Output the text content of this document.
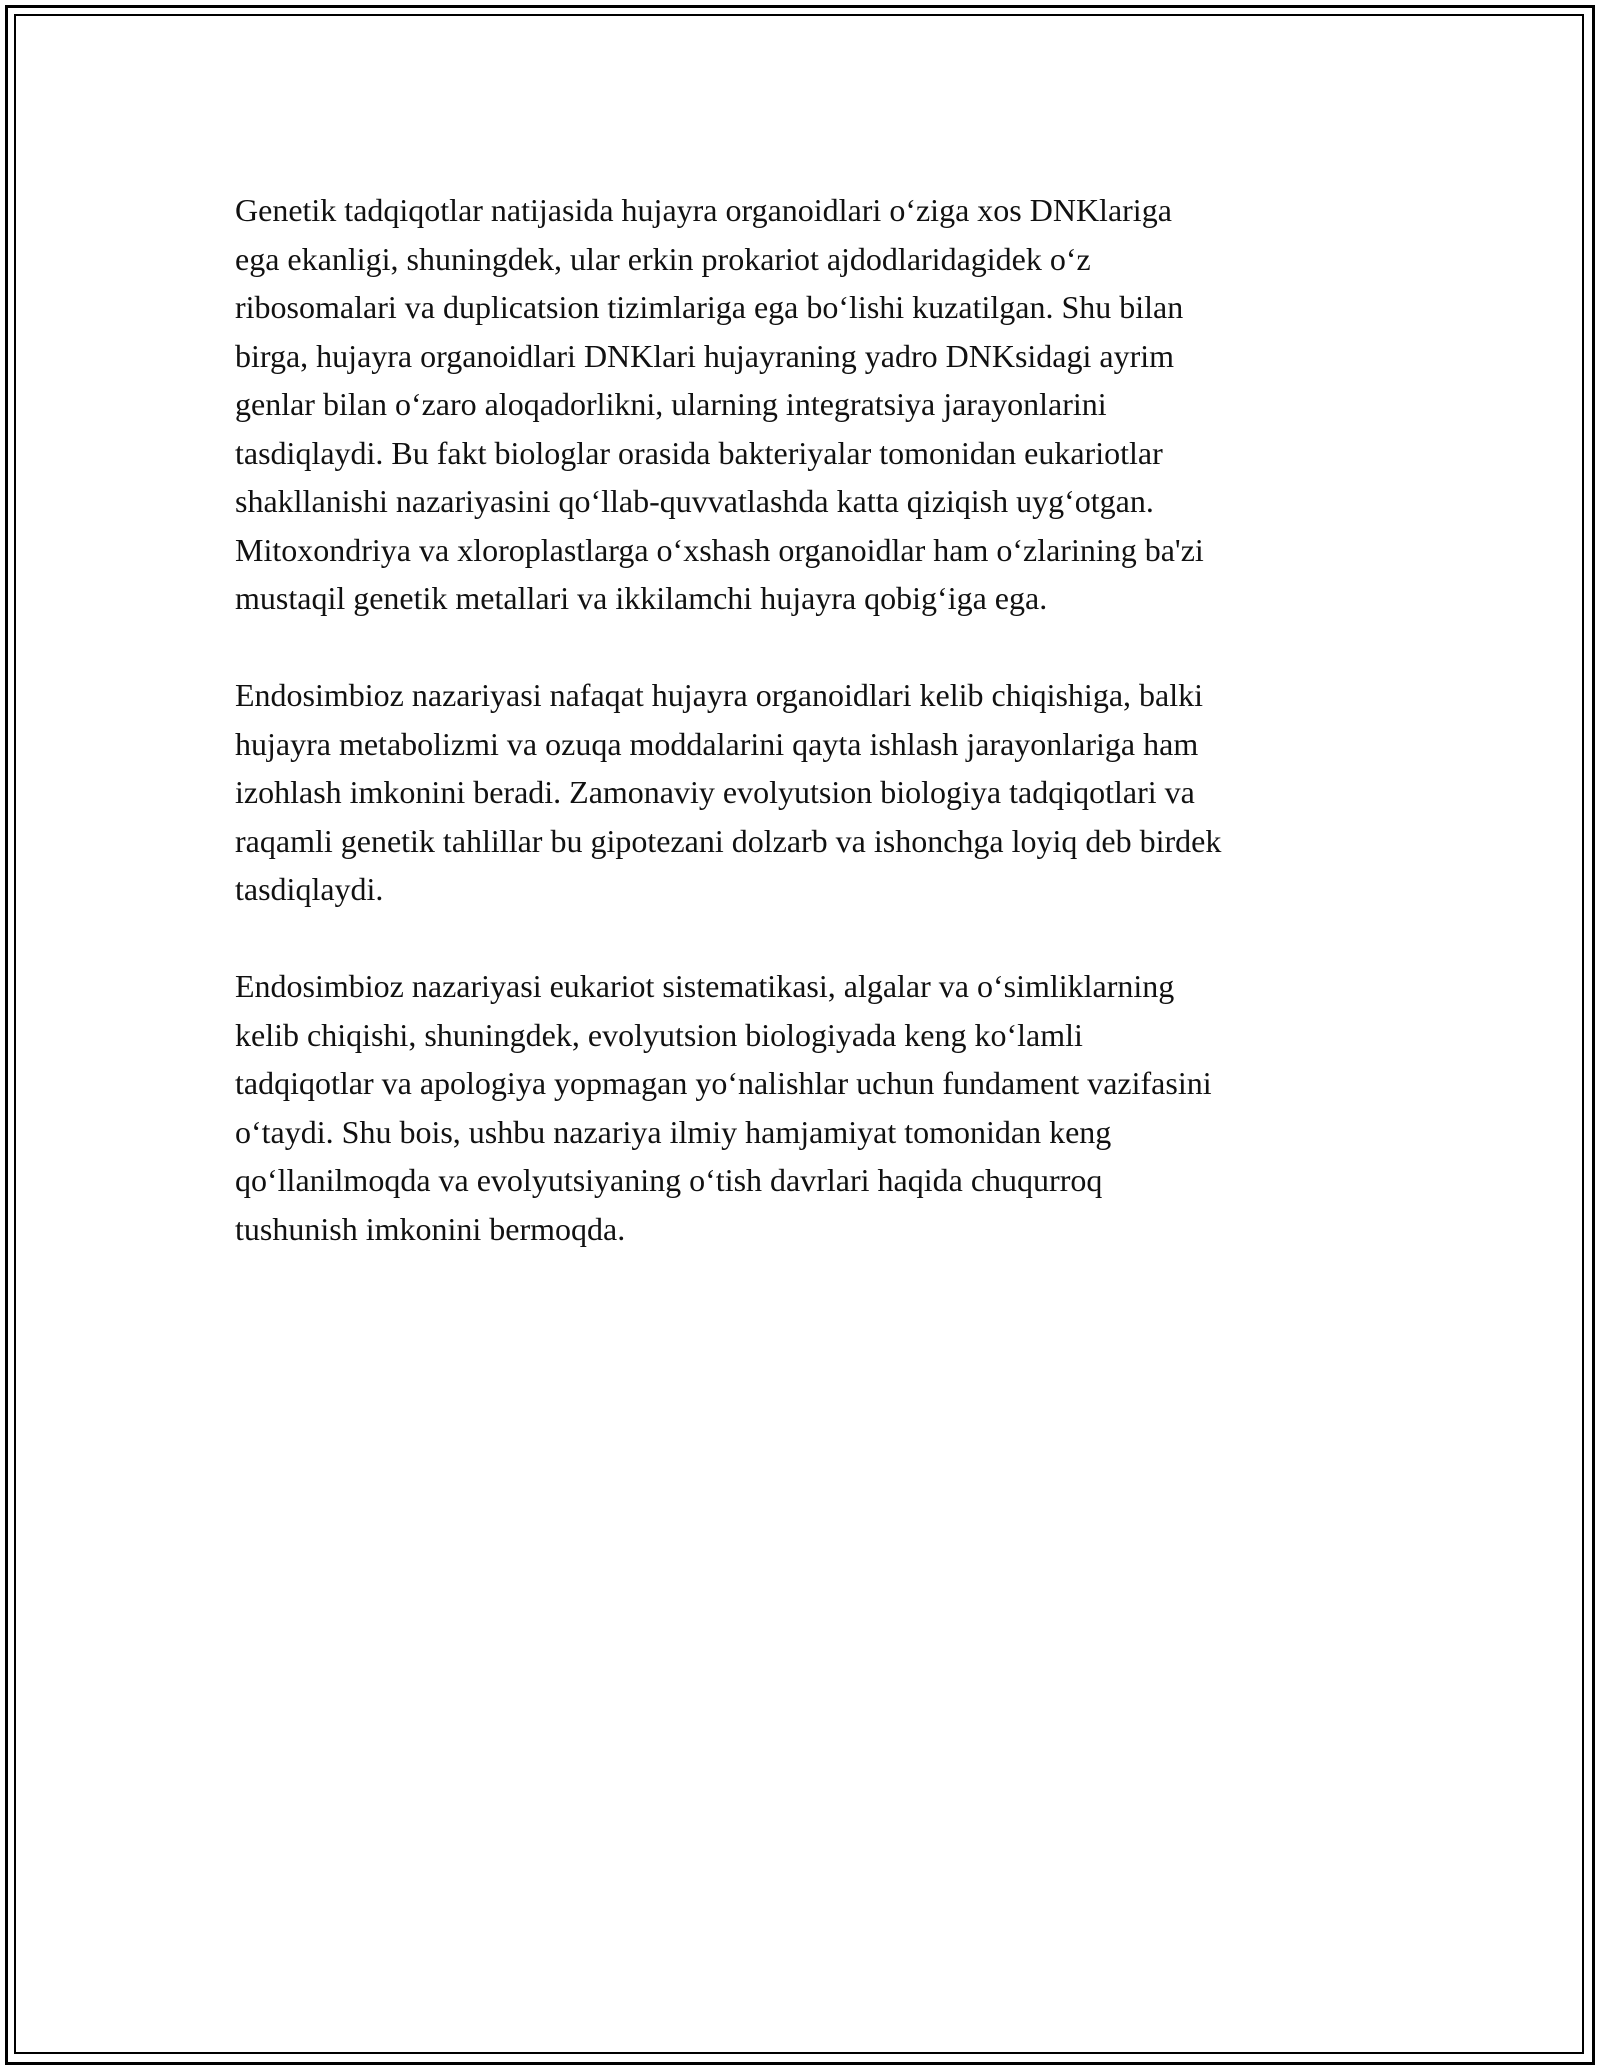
Genetik tadqiqotlar natijasida hujayra organoidlari o‘ziga xos DNKlariga
ega ekanligi, shuningdek, ular erkin prokariot ajdodlaridagidek o‘z
ribosomalari va duplicatsion tizimlariga ega bo‘lishi kuzatilgan. Shu bilan
birga, hujayra organoidlari DNKlari hujayraning yadro DNKsidagi ayrim
genlar bilan o‘zaro aloqadorlikni, ularning integratsiya jarayonlarini
tasdiqlaydi. Bu fakt biologlar orasida bakteriyalar tomonidan eukariotlar
shakllanishi nazariyasini qo‘llab-quvvatlashda katta qiziqish uyg‘otgan.
Mitoxondriya va xloroplastlarga o‘xshash organoidlar ham o‘zlarining ba'zi
mustaqil genetik metallari va ikkilamchi hujayra qobig‘iga ega.

Endosimbioz nazariyasi nafaqat hujayra organoidlari kelib chiqishiga, balki
hujayra metabolizmi va ozuqa moddalarini qayta ishlash jarayonlariga ham
izohlash imkonini beradi. Zamonaviy evolyutsion biologiya tadqiqotlari va
raqamli genetik tahlillar bu gipotezani dolzarb va ishonchga loyiq deb birdek
tasdiqlaydi.

Endosimbioz nazariyasi eukariot sistematikasi, algalar va o‘simliklarning
kelib chiqishi, shuningdek, evolyutsion biologiyada keng ko‘lamli
tadqiqotlar va apologiya yopmagan yo‘nalishlar uchun fundament vazifasini
o‘taydi. Shu bois, ushbu nazariya ilmiy hamjamiyat tomonidan keng
qo‘llanilmoqda va evolyutsiyaning o‘tish davrlari haqida chuqurroq
tushunish imkonini bermoqda.
